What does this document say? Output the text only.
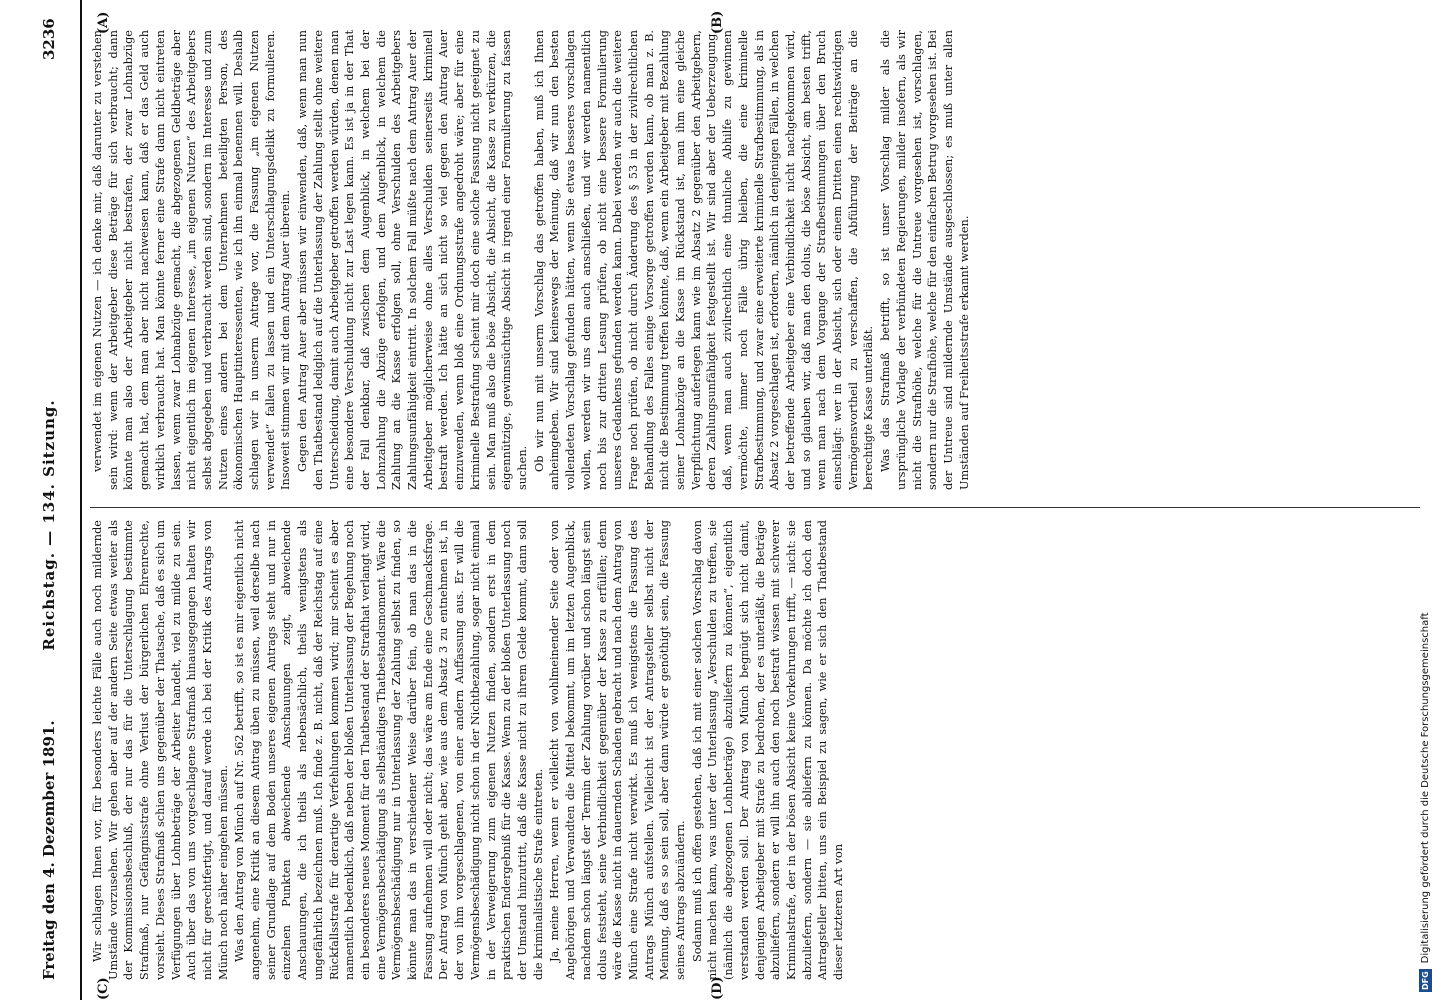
3236
Reichstag. — 134. Sitzung.
Freitag den 4. Dezember 1891.
(A)	(B)
(C)	(D)

verwendet im eigenen Nutzen — ich denke mir, daß darunter zu verstehen sein wird: wenn der Arbeitgeber diese Beträge für sich verbraucht; dann könnte man also der Arbeitgeber nicht bestrafen, der zwar Lohnabzüge gemacht hat, dem man aber nicht nachweisen kann, daß er das Geld auch wirklich verbraucht hat. Man könnte ferner eine Strafe dann nicht eintreten lassen, wenn zwar Lohnabzüge gemacht, die abgezogenen Geldbeträge aber nicht eigentlich im eigenen Interesse, „im eigenen Nutzen“ des Arbeitgebers selbst abgegeben und verbraucht werden sind, sondern im Interesse und zum Nutzen eines andern bei dem Unternehmen beteiligten Person, des ökonomischen Hauptinteressenten, wie ich ihn einmal benennen will. Deshalb schlagen wir in unserm Antrage vor, die Fassung „im eigenen Nutzen verwendet“ fallen zu lassen und ein Unterschlagungsdelikt zu formulieren. Insoweit stimmen wir mit dem Antrag Auer überein. Gegen den Antrag Auer aber müssen wir einwenden, daß, wenn man nun den Thatbestand lediglich auf die Unterlassung der Zahlung stellt ohne weitere Unterscheidung, damit auch Arbeitgeber getroffen werden würden, denen man eine besondere Verschuldung nicht zur Last legen kann. Es ist ja in der That der Fall denkbar, daß zwischen dem Augenblick, in welchem bei der Lohnzahlung die Abzüge erfolgen, und dem Augenblick, in welchem die Zahlung an die Kasse erfolgen soll, ohne Verschulden des Arbeitgebers Zahlungsunfähigkeit eintritt. In solchem Fall müßte nach dem Antrag Auer der Arbeitgeber möglicherweise ohne alles Verschulden seinerseits kriminell bestraft werden. Ich hätte an sich nicht so viel gegen den Antrag Auer einzuwenden, wenn bloß eine Ordnungsstrafe angedroht wäre; aber für eine kriminelle Bestrafung scheint mir doch eine solche Fassung nicht geeignet zu sein. Man muß also die böse Absicht, die Absicht, die Kasse zu verkürzen, die eigennützige, gewinnsüchtige Absicht in irgend einer Formulierung zu fassen suchen. Ob wir nun mit unserm Vorschlag das getroffen haben, muß ich Ihnen anheimgeben. Wir sind keineswegs der Meinung, daß wir nun den besten vollendeten Vorschlag gefunden hätten, wenn Sie etwas besseres vorschlagen wollen, werden wir uns dem auch anschließen, und wir werden namentlich noch bis zur dritten Lesung prüfen, ob nicht eine bessere Formulierung unseres Gedankens gefunden werden kann. Dabei werden wir auch die weitere Frage noch prüfen, ob nicht durch Änderung des § 53 in der zivilrechtlichen Behandlung des Falles einige Vorsorge getroffen werden kann, ob man z. B. nicht die Bestimmung treffen könnte, daß, wenn ein Arbeitgeber mit Bezahlung seiner Lohnabzüge an die Kasse im Rückstand ist, man ihm eine gleiche Verpflichtung auferlegen kann wie im Absatz 2 gegenüber den Arbeitgebern, deren Zahlungsunfähigkeit festgestellt ist. Wir sind aber der Ueberzeugung, daß, wenn man auch zivilrechtlich eine thunliche Abhilfe zu gewinnen vermöchte, immer noch Fälle übrig bleiben, die eine kriminelle Strafbestimmung, und zwar eine erweiterte kriminelle Strafbestimmung, als in Absatz 2 vorgeschlagen ist, erfordern, nämlich in denjenigen Fällen, in welchen der betreffende Arbeitgeber eine Verbindlichkeit nicht nachgekommen wird, und so glauben wir, daß man den dolus, die böse Absicht, am besten trifft, wenn man nach dem Vorgange der Strafbestimmungen über den Bruch einschlägt: wer in der Absicht, sich oder einem Dritten einen rechtswidrigen Vermögensvortheil zu verschaffen, die Abführung der Beiträge an die berechtigte Kasse unterläßt. Was das Strafmaß betrifft, so ist unser Vorschlag milder als die ursprüngliche Vorlage der verbündeten Regierungen, milder insofern, als wir nicht die Strafhöhe, welche für die Untreue vorgesehen ist, vorschlagen, sondern nur die Strafhöhe, welche für den einfachen Betrug vorgesehen ist. Bei der Untreue sind mildernde Umstände ausgeschlossen; es muß unter allen Umständen auf Freiheitsstrafe erkannt werden.

Wir schlagen Ihnen vor, für besonders leichte Fälle auch noch mildernde Umstände vorzusehen. Wir gehen aber auf der andern Seite etwas weiter als der Kommissionsbeschluß, der nur das für die Unterschlagung bestimmte Strafmaß, nur Gefängnisstrafe ohne Verlust der bürgerlichen Ehrenrechte, vorsieht. Dieses Strafmaß schien uns gegenüber der Thatsache, daß es sich um Verfügungen über Lohnbeträge der Arbeiter handelt, viel zu milde zu sein. Auch über das von uns vorgeschlagene Strafmaß hinausgegangen halten wir nicht für gerechtfertigt, und darauf werde ich bei der Kritik des Antrags von Münch noch näher eingehen müssen. Was den Antrag von Münch auf Nr. 562 betrifft, so ist es mir eigentlich nicht angenehm, eine Kritik an diesem Antrag üben zu müssen, weil derselbe nach seiner Grundlage auf dem Boden unseres eigenen Antrags steht und nur in einzelnen Punkten abweichende Anschauungen zeigt, abweichende Anschauungen, die ich theils als nebensächlich, theils wenigstens als ungefährlich bezeichnen muß. Ich finde z. B. nicht, daß der Reichstag auf eine Rückfallsstrafe für derartige Verfehlungen kommen wird; mir scheint es aber namentlich bedenklich, daß neben der bloßen Unterlassung der Begehung noch ein besonderes neues Moment für den Thatbestand der Strafthat verlangt wird, eine Vermögensbeschädigung als selbständiges Thatbestandsmoment. Wäre die Vermögensbeschädigung nur in Unterlassung der Zahlung selbst zu finden, so könnte man das in verschiedener Weise darüber fein, ob man das in die Fassung aufnehmen will oder nicht; das wäre am Ende eine Geschmacksfrage. Der Antrag von Münch geht aber, wie aus dem Absatz 3 zu entnehmen ist, in der von ihm vorgeschlagenen, von einer andern Auffassung aus. Er will die Vermögensbeschädigung nicht schon in der Nichtbezahlung, sogar nicht einmal in der Verweigerung zum eigenen Nutzen finden, sondern erst in dem praktischen Endergebniß für die Kasse. Wenn zu der bloßen Unterlassung noch der Umstand hinzutritt, daß die Kasse nicht zu ihrem Gelde kommt, dann soll die kriminalistische Strafe eintreten. Ja, meine Herren, wenn er vielleicht von wohlmeinender Seite oder von Angehörigen und Verwandten die Mittel bekommt, um im letzten Augenblick, nachdem schon längst der Termin der Zahlung vorüber und schon längst sein dolus feststeht, seine Verbindlichkeit gegenüber der Kasse zu erfüllen; denn wäre die Kasse nicht in dauernden Schaden gebracht und nach dem Antrag von Münch eine Strafe nicht verwirkt. Es muß ich wenigstens die Fassung des Antrags Münch aufstellen. Vielleicht ist der Antragsteller selbst nicht der Meinung, daß es so sein soll, aber dann würde er genöthigt sein, die Fassung seines Antrags abzuändern. Sodann muß ich offen gestehen, daß ich mit einer solchen Vorschlag davon nicht machen kann, was unter der Unterlassung „Verschulden zu treffen, sie (nämlich die abgezogenen Lohnbeträge) abzuliefern zu können“, eigentlich verstanden werden soll. Der Antrag von Münch begnügt sich nicht damit, denjenigen Arbeitgeber mit Strafe zu bedrohen, der es unterläßt, die Beträge abzuliefern, sondern er will ihn auch den noch bestraft wissen mit schwerer Kriminalstrafe, der in der bösen Absicht keine Vorkehrungen trifft, — nicht: sie abzuliefern, sondern — sie abliefern zu können. Da möchte ich doch den Antragsteller bitten, uns ein Beispiel zu sagen, wie er sich den Thatbestand dieser letzteren Art von

DFGDigitalisierung gefördert durch die Deutsche Forschungsgemeinschaft
